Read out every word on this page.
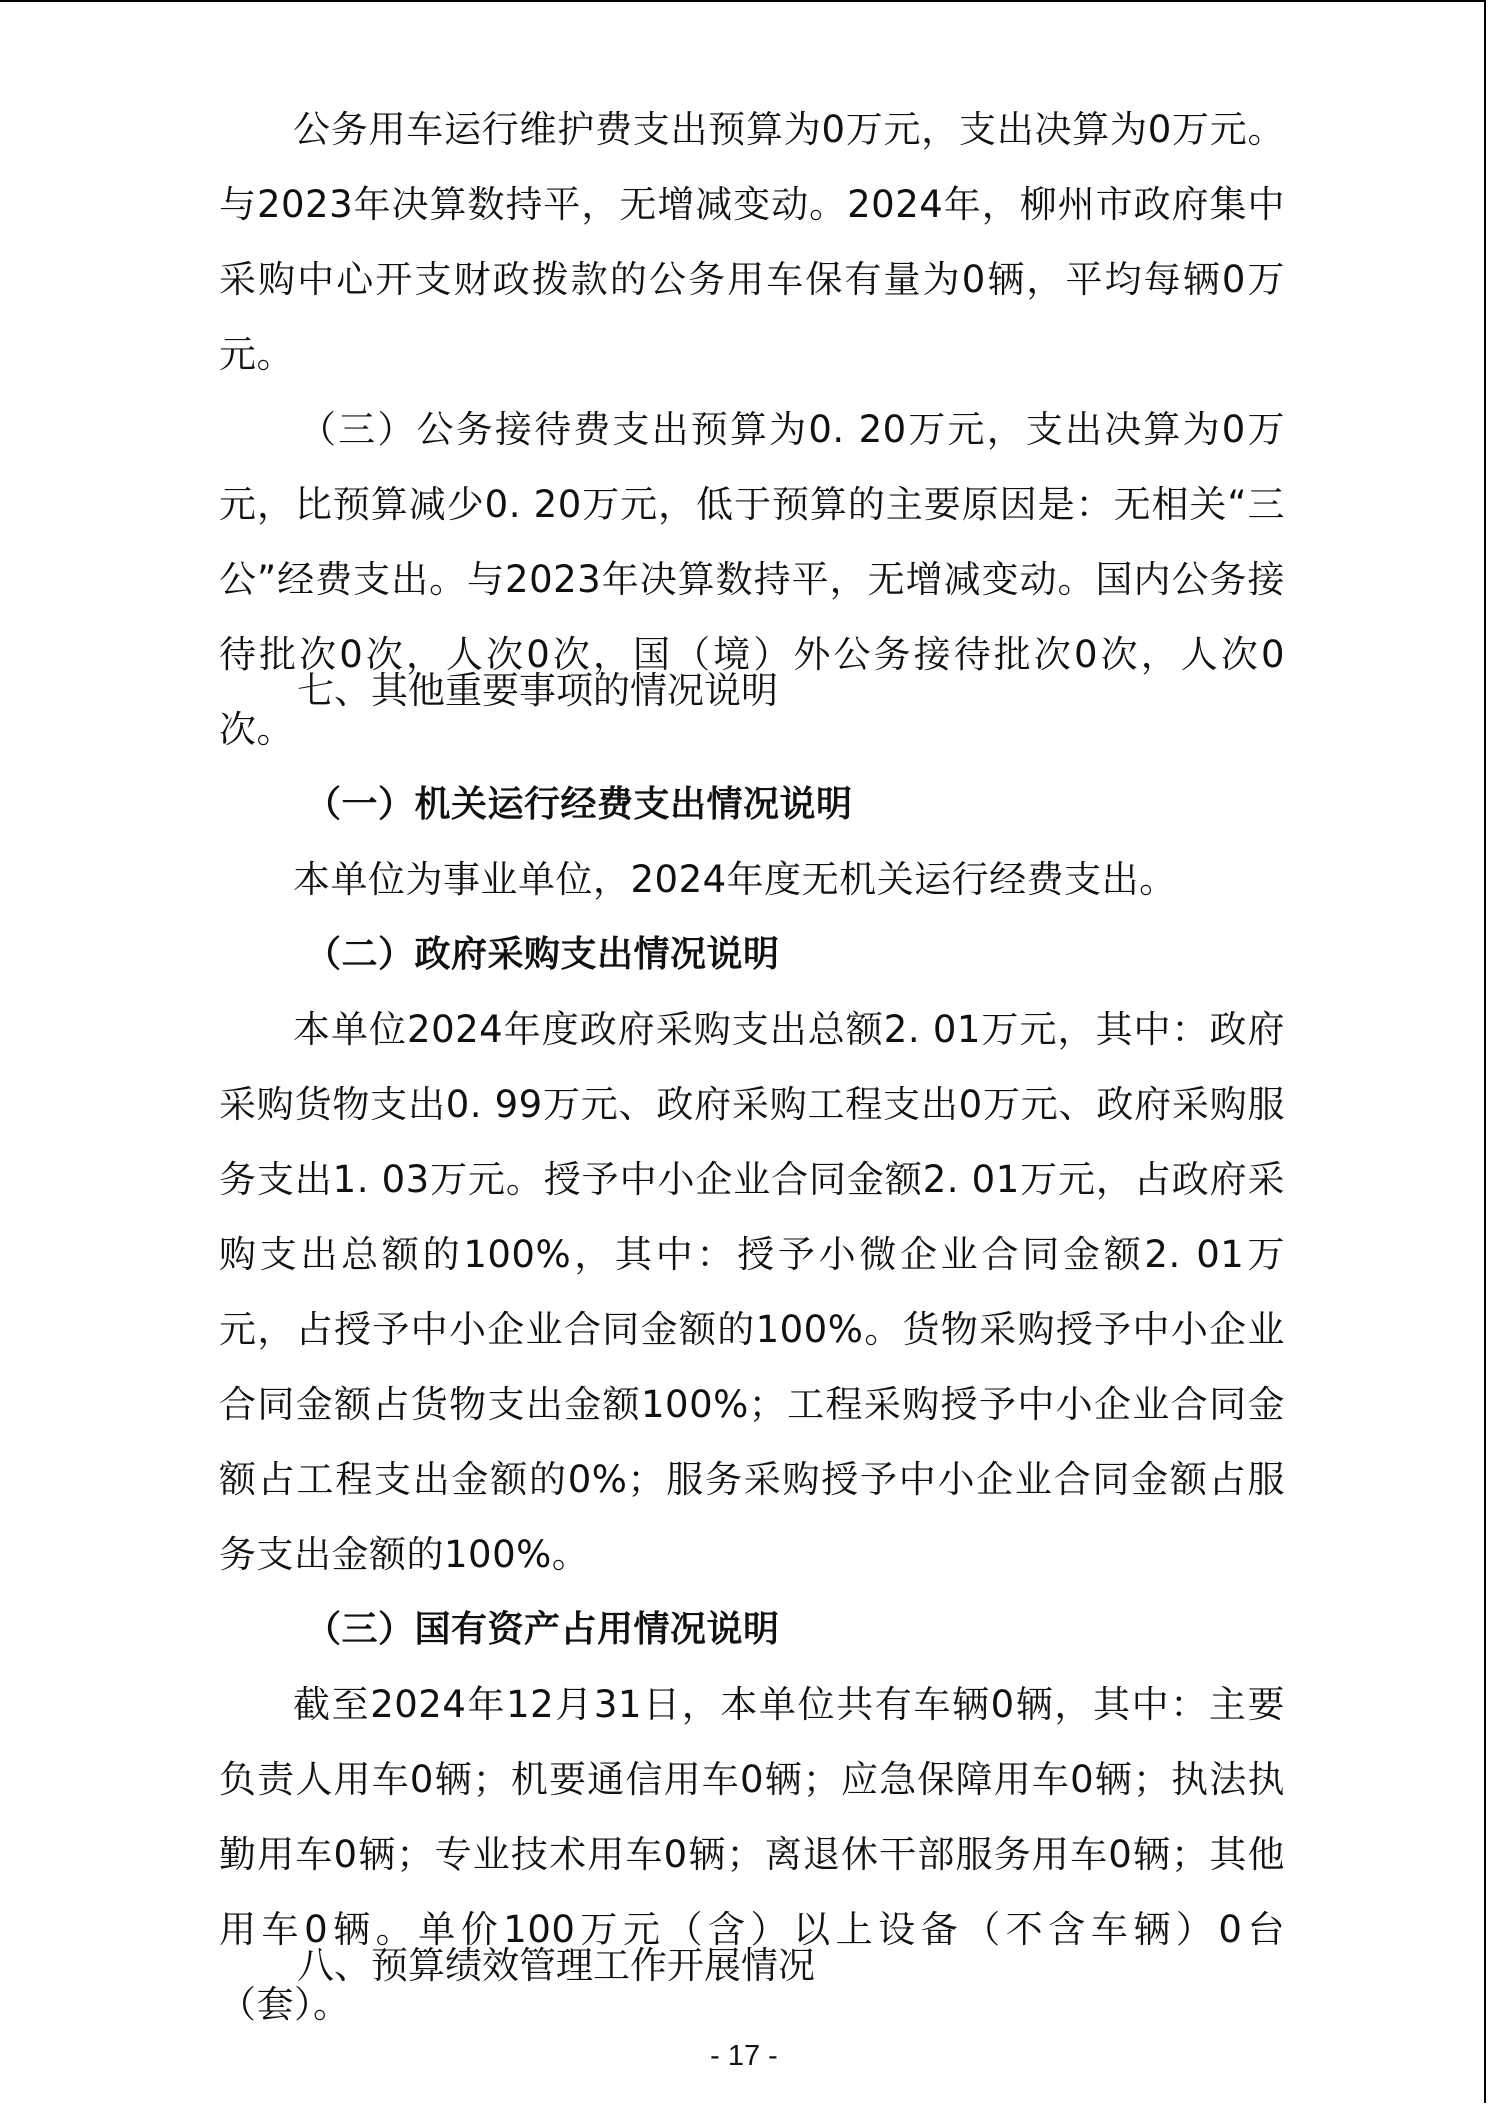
公务用车运行维护费支出预算为0万元，支出决算为0万元。与2023年决算数持平，无增减变动。2024年，柳州市政府集中采购中心开支财政拨款的公务用车保有量为0辆，平均每辆0万元。

（三）公务接待费支出预算为0. 20万元，支出决算为0万元，比预算减少0. 20万元，低于预算的主要原因是：无相关“三公”经费支出。与2023年决算数持平，无增减变动。国内公务接待批次0次，人次0次，国（境）外公务接待批次0次，人次0次。

七、其他重要事项的情况说明

（一）机关运行经费支出情况说明

本单位为事业单位，2024年度无机关运行经费支出。

（二）政府采购支出情况说明

本单位2024年度政府采购支出总额2. 01万元，其中：政府采购货物支出0. 99万元、政府采购工程支出0万元、政府采购服务支出1. 03万元。授予中小企业合同金额2. 01万元，占政府采购支出总额的100%，其中：授予小微企业合同金额2. 01万元，占授予中小企业合同金额的100%。货物采购授予中小企业合同金额占货物支出金额100%；工程采购授予中小企业合同金额占工程支出金额的0%；服务采购授予中小企业合同金额占服务支出金额的100%。

（三）国有资产占用情况说明

截至2024年12月31日，本单位共有车辆0辆，其中：主要负责人用车0辆；机要通信用车0辆；应急保障用车0辆；执法执勤用车0辆；专业技术用车0辆；离退休干部服务用车0辆；其他用车0辆。单价100万元（含）以上设备（不含车辆）0台（套）。

八、预算绩效管理工作开展情况

- 17 -
